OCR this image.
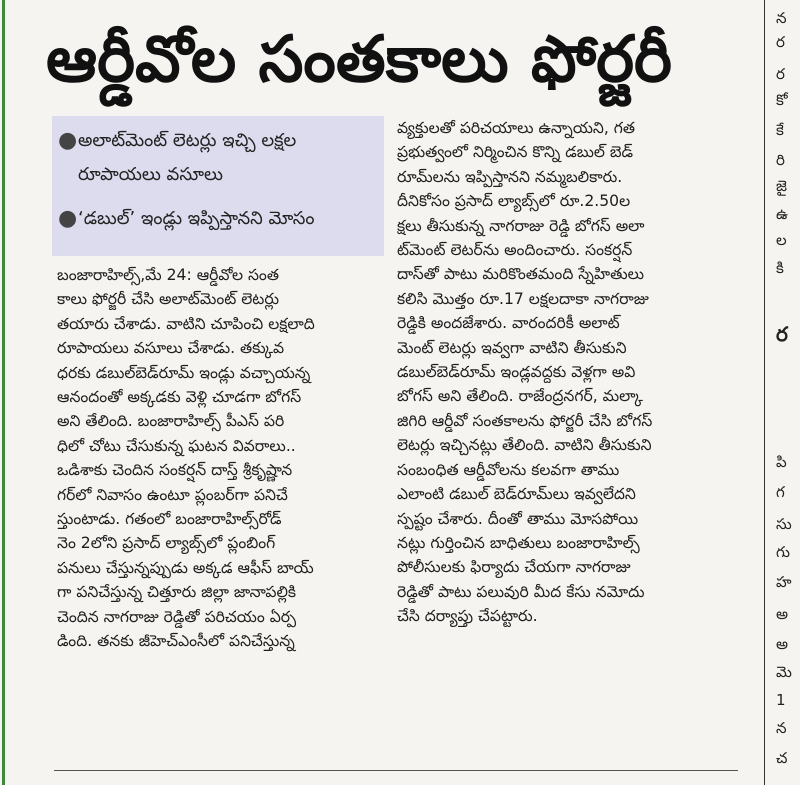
ఆర్డీవోల సంతకాలు ఫోర్జరీ
● అలాట్‌మెంట్ లెటర్లు ఇచ్చి లక్షల
రూపాయలు వసూలు
● ‘డబుల్’ ఇండ్లు ఇప్పిస్తానని మోసం

బంజారాహిల్స్,మే 24: ఆర్డీవోల సంత

కాలు ఫోర్జరీ చేసి అలాట్‌మెంట్ లెటర్లు

తయారు చేశాడు. వాటిని చూపించి లక్షలాది

రూపాయలు వసూలు చేశాడు. తక్కువ

ధరకు డబుల్‌బెడ్‌రూమ్ ఇండ్లు వచ్చాయన్న

ఆనందంతో అక్కడకు వెళ్లి చూడగా బోగస్

అని తేలింది. బంజారాహిల్స్ పీఎస్ పరి

ధిలో చోటు చేసుకున్న ఘటన వివరాలు..

ఒడిశాకు చెందిన సంకర్షన్ దాస్త్ శ్రీకృష్ణాన

గర్‌లో నివాసం ఉంటూ ప్లంబర్‌గా పనిచే

స్తుంటాడు. గతంలో బంజారాహిల్స్‌రోడ్

నెం 2లోని ప్రసాద్ ల్యాబ్స్‌లో ప్లంబింగ్

పనులు చేస్తున్నప్పుడు అక్కడ ఆఫీస్ బాయ్

గా పనిచేస్తున్న చిత్తూరు జిల్లా జానాపల్లికి

చెందిన నాగరాజు రెడ్డితో పరిచయం ఏర్ప

డింది. తనకు జీహెచ్ఎంసీలో పనిచేస్తున్న

వ్యక్తులతో పరిచయాలు ఉన్నాయని, గత

ప్రభుత్వంలో నిర్మించిన కొన్ని డబుల్ బెడ్

రూమ్‌లను ఇప్పిస్తానని నమ్మబలికారు.

దీనికోసం ప్రసాద్ ల్యాబ్స్‌లో రూ.2.50ల

క్షలు తీసుకున్న నాగరాజు రెడ్డి బోగస్ అలా

ట్‌మెంట్ లెటర్‌ను అందించారు. సంకర్షన్

దాస్‌తో పాటు మరికొంతమంది స్నేహితులు

కలిసి మొత్తం రూ.17 లక్షలదాకా నాగరాజు

రెడ్డికి అందజేశారు. వారందరికీ అలాట్

మెంట్ లెటర్లు ఇవ్వగా వాటిని తీసుకుని

డబుల్‌బెడ్‌రూమ్ ఇండ్లవద్దకు వెళ్లగా అవి

బోగస్ అని తేలింది. రాజేంద్రనగర్, మల్కా

జిగిరి ఆర్డీవో సంతకాలను ఫోర్జరీ చేసి బోగస్

లెటర్లు ఇచ్చినట్లు తేలింది. వాటిని తీసుకుని

సంబంధిత ఆర్డీవోలను కలవగా తాము

ఎలాంటి డబుల్ బెడ్‌రూమ్‌లు ఇవ్వలేదని

స్పష్టం చేశారు. దీంతో తాము మోసపోయి

నట్లు గుర్తించిన బాధితులు బంజారాహిల్స్

పోలీసులకు ఫిర్యాదు చేయగా నాగరాజు

రెడ్డితో పాటు పలువురి మీద కేసు నమోదు

చేసి దర్యాప్తు చేపట్టారు.

న
ర
ర
కో
కే
రి
జై
ఉ
ల
కి
ర
పి
గ
సు
గు
హ
అ
అ
మె
1
న
చ
